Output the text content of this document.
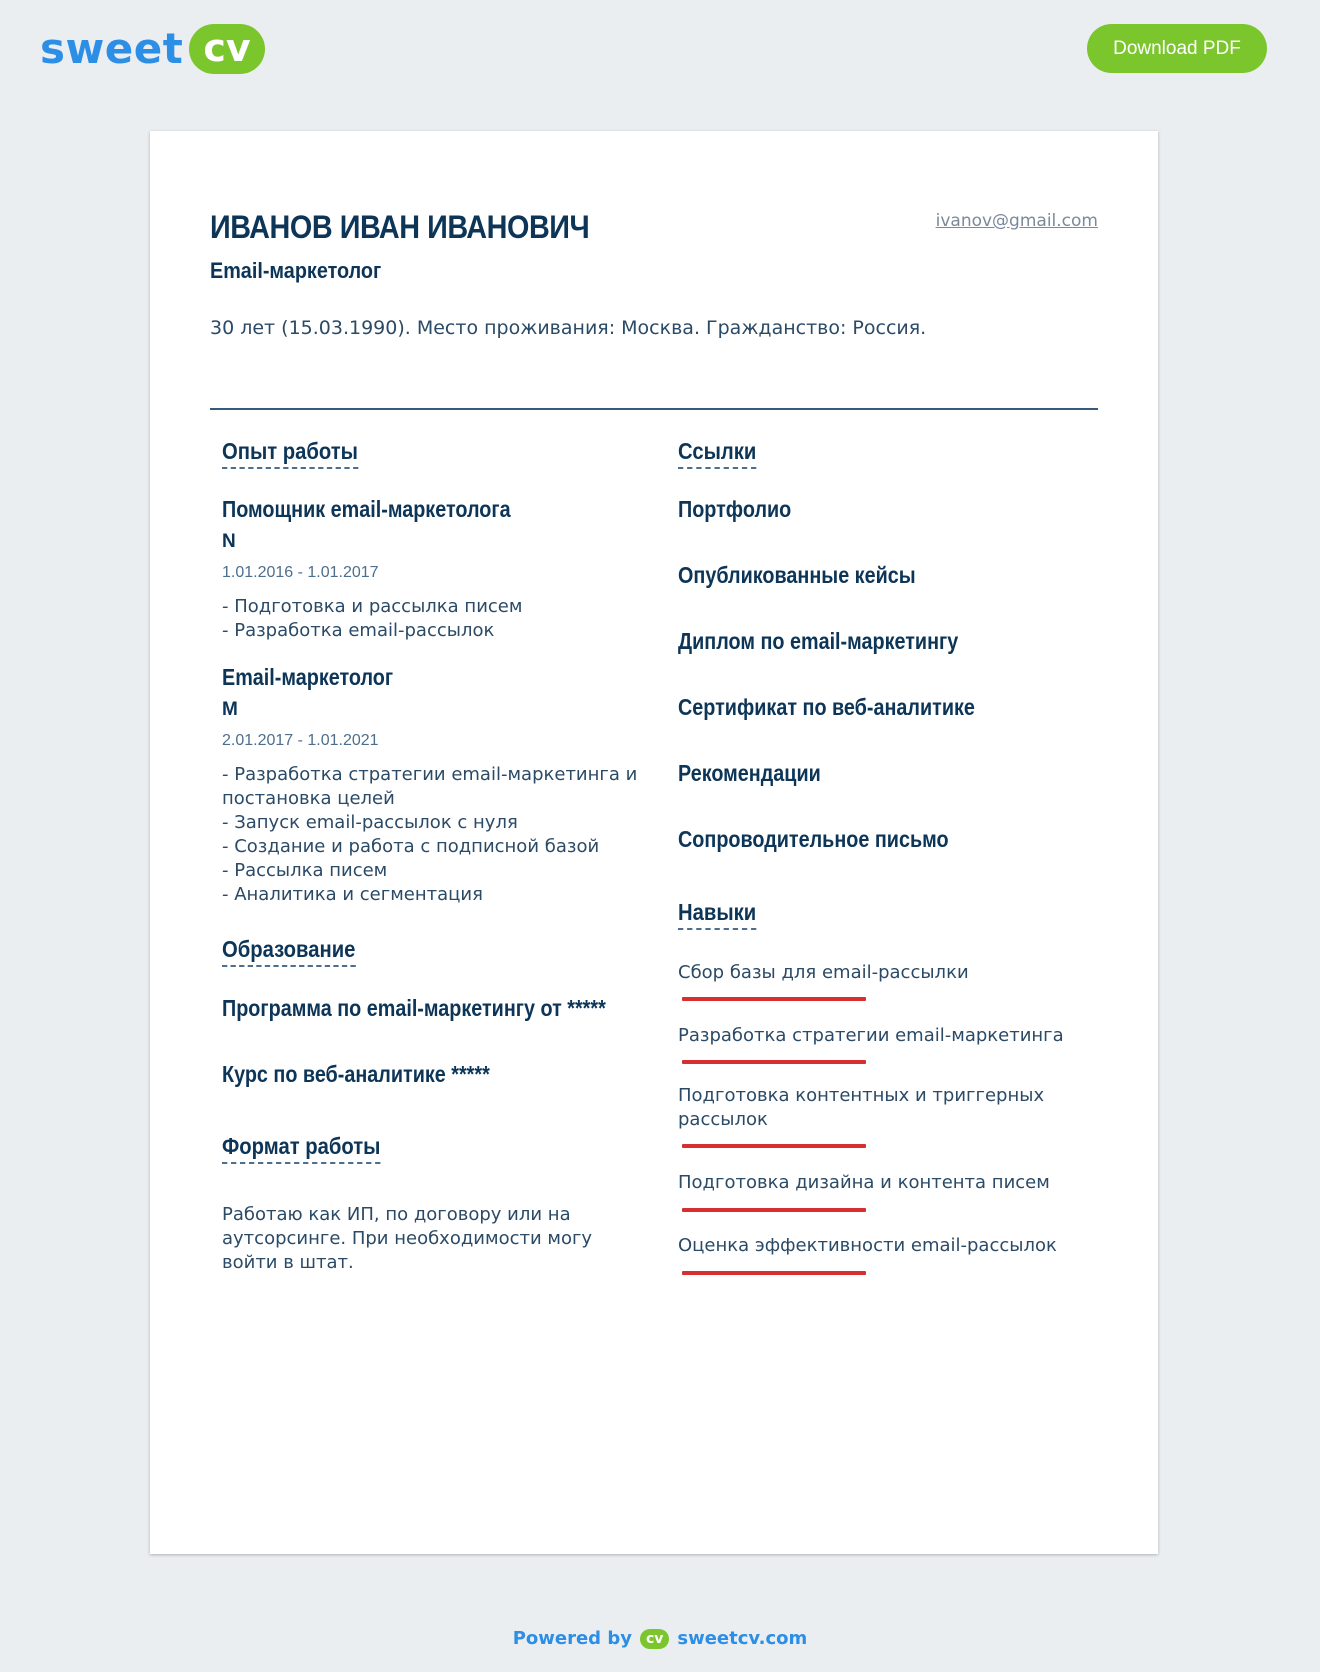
sweet cv	Download PDF
ИВАНОВ ИВАН ИВАНОВИЧ
Email-маркетолог
ivanov@gmail.com
30 лет (15.03.1990). Место проживания: Москва. Гражданство: Россия.
Опыт работы
Помощник email-маркетолога
N
1.01.2016 - 1.01.2017
- Подготовка и рассылка писем
- Разработка email-рассылок
Email-маркетолог
M
2.01.2017 - 1.01.2021
- Разработка стратегии email-маркетинга и
постановка целей
- Запуск email-рассылок с нуля
- Создание и работа с подписной базой
- Рассылка писем
- Аналитика и сегментация
Образование
Программа по email-маркетингу от *****
Курс по веб-аналитике *****
Формат работы

Работаю как ИП, по договору или на аутсорсинге. При необходимости могу войти в штат.

Ссылки
Портфолио
Опубликованные кейсы
Диплом по email-маркетингу
Сертификат по веб-аналитике
Рекомендации
Сопроводительное письмо
Навыки
Сбор базы для email-рассылки
Разработка стратегии email-маркетинга
Подготовка контентных и триггерных рассылок
Подготовка дизайна и контента писем
Оценка эффективности email-рассылок
Powered by	cv sweetcv.com
